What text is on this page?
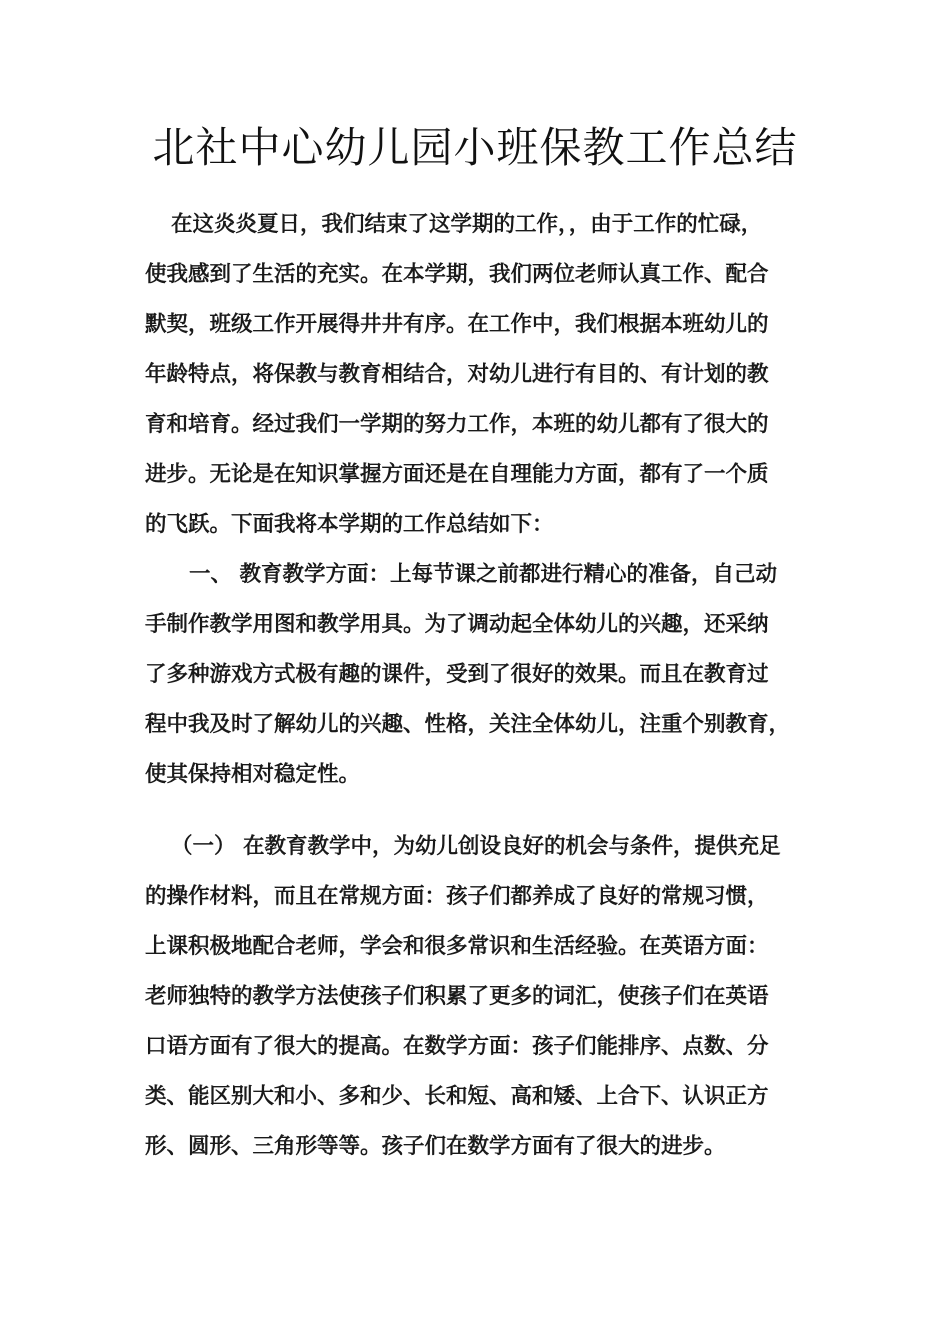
北社中心幼儿园小班保教工作总结
在这炎炎夏日，我们结束了这学期的工作，，由于工作的忙碌，
使我感到了生活的充实。在本学期，我们两位老师认真工作、配合
默契，班级工作开展得井井有序。在工作中，我们根据本班幼儿的
年龄特点，将保教与教育相结合，对幼儿进行有目的、有计划的教
育和培育。经过我们一学期的努力工作，本班的幼儿都有了很大的
进步。无论是在知识掌握方面还是在自理能力方面，都有了一个质
的飞跃。下面我将本学期的工作总结如下：
一、 教育教学方面：上每节课之前都进行精心的准备，自己动
手制作教学用图和教学用具。为了调动起全体幼儿的兴趣，还采纳
了多种游戏方式极有趣的课件，受到了很好的效果。而且在教育过
程中我及时了解幼儿的兴趣、性格，关注全体幼儿，注重个别教育，
使其保持相对稳定性。
（一） 在教育教学中，为幼儿创设良好的机会与条件，提供充足
的操作材料，而且在常规方面：孩子们都养成了良好的常规习惯，
上课积极地配合老师，学会和很多常识和生活经验。在英语方面：
老师独特的教学方法使孩子们积累了更多的词汇，使孩子们在英语
口语方面有了很大的提高。在数学方面：孩子们能排序、点数、分
类、能区别大和小、多和少、长和短、高和矮、上合下、认识正方
形、圆形、三角形等等。孩子们在数学方面有了很大的进步。
